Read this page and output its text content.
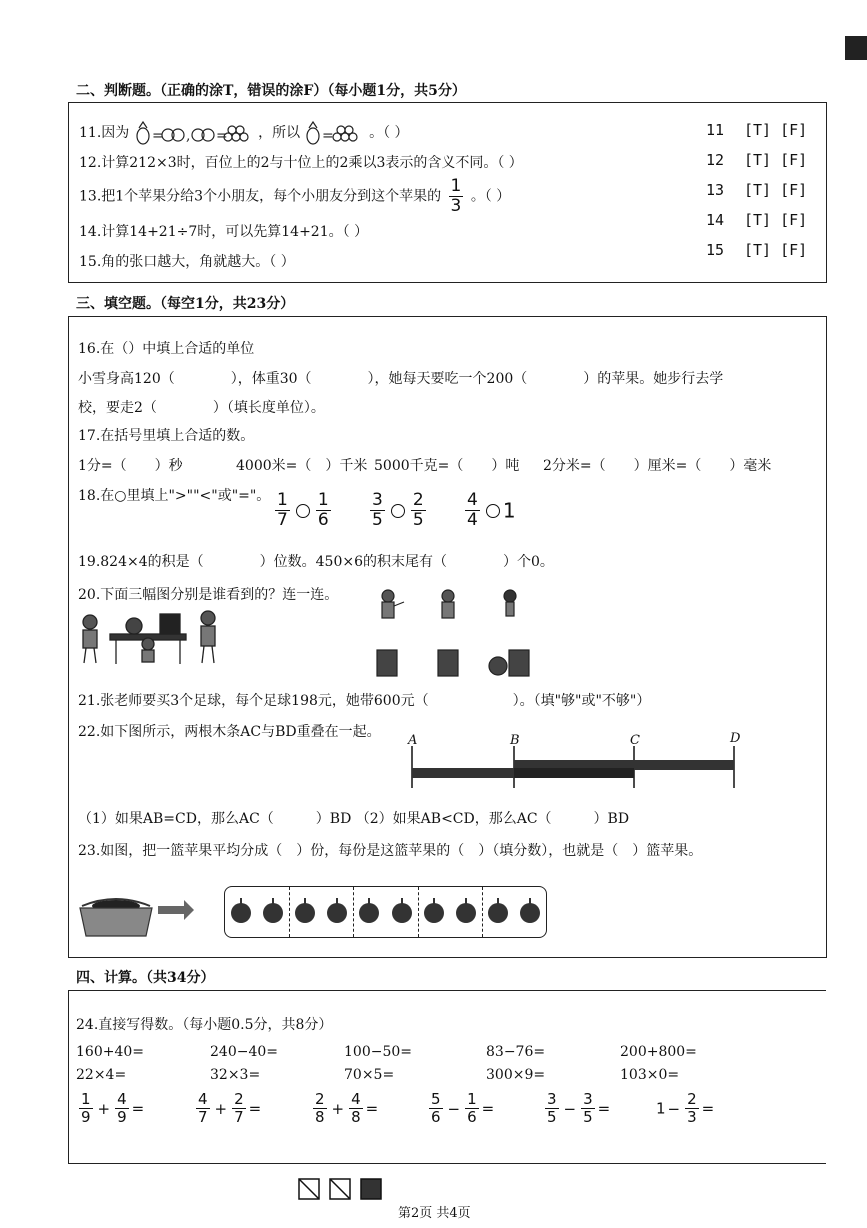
二、判断题。（正确的涂T，错误的涂F）（每小题1分，共5分）
11.因为 = , = ，所以 =	。（ ）
12.计算212×3时，百位上的2与十位上的2乘以3表示的含义不同。（ ）
13.把1个苹果分给3个小朋友，每个小朋友分到这个苹果的 $\frac{1}{3}$ 。（ ）
14.计算14+21÷7时，可以先算14+21。（ ）
15.角的张口越大，角就越大。（ ）
11 [T] [F]
12 [T] [F]
13 [T] [F]
14 [T] [F]
15 [T] [F]
三、填空题。（每空1分，共23分）
16.在（）中填上合适的单位
小雪身高120（　　　　），体重30（　　　　），她每天要吃一个200（　　　　）的苹果。她步行去学
校，要走2（　　　　）（填长度单位）。
17.在括号里填上合适的数。
1分=（　　）秒	4000米=（　）千米 5000千克=（　　）吨 2分米=（　　）厘米=（　　）毫米
18.在○里填上">""<"或"="。 $\frac{1}{7} \frac{1}{6} \frac{3}{5} \frac{2}{5} \frac{4}{4} 1$
19.824×4的积是（　　　　）位数。450×6的积末尾有（　　　　）个0。
20.下面三幅图分别是谁看到的？连一连。
21.张老师要买3个足球，每个足球198元，她带600元（　　　　　　）。（填"够"或"不够"）
22.如下图所示，两根木条AC与BD重叠在一起。
A	B	C	D
（1）如果AB=CD，那么AC（　　　）BD （2）如果AB<CD，那么AC（　　　）BD
23.如图，把一篮苹果平均分成（　）份，每份是这篮苹果的（　）（填分数），也就是（　）篮苹果。
四、计算。（共34分）
24.直接写得数。（每小题0.5分，共8分）
160+40=	240−40=	100−50=	83−76=	200+800=
22×4=	32×3=	70×5=	300×9=	103×0=
$\frac{1}{9} + \frac{4}{9}$ =	$\frac{4}{7} + \frac{2}{7}$ =	$\frac{2}{8} + \frac{4}{8}$ =	$\frac{5}{6} - \frac{1}{6}$ =	$\frac{3}{5} - \frac{3}{5}$ =	$1 - \frac{2}{3}$ =
第2页 共4页
